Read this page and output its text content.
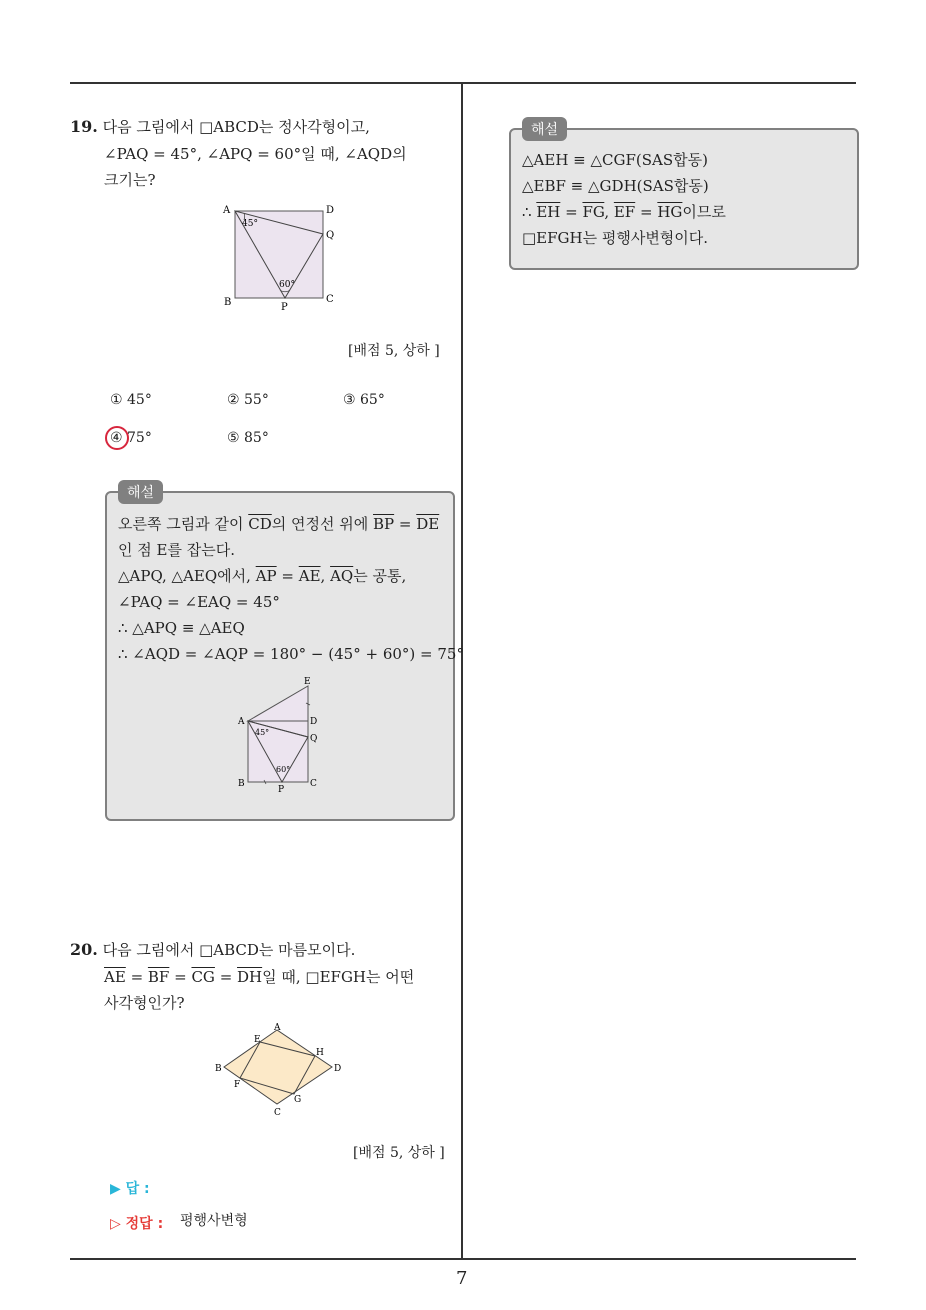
19. 다음 그림에서 □ABCD는 정사각형이고,
∠PAQ = 45°, ∠APQ = 60°일 때, ∠AQD의
크기는?
A	D
Q
B	C
P
45°
60°
[배점 5, 상하 ]
① 45°	② 55°	③ 65°
④ 75°	⑤ 85°
해설
오른쪽 그림과 같이 $\overline{CD}$의 연정선 위에 $\overline{BP} = \overline{DE}$
인 점 E를 잡는다.
△APQ, △AEQ에서, $\overline{AP} = \overline{AE}$, $\overline{AQ}$는 공통,
∠PAQ = ∠EAQ = 45°
∴ △APQ ≡ △AEQ
∴ ∠AQD = ∠AQP = 180° − (45° + 60°) = 75°
E
A	D
Q
B	C
P
45°
60°
20. 다음 그림에서 □ABCD는 마름모이다.
$\overline{AE} = \overline{BF} = \overline{CG} = \overline{DH}$일 때, □EFGH는 어떤
사각형인가?
A
E
H
B	D
F
G
C
[배점 5, 상하 ]
▶ 답 :
▷ 정답 : 평행사변형
해설
△AEH ≡ △CGF(SAS합동)
△EBF ≡ △GDH(SAS합동)
∴ $\overline{EH} = \overline{FG}$, $\overline{EF} = \overline{HG}$이므로
□EFGH는 평행사변형이다.
7
